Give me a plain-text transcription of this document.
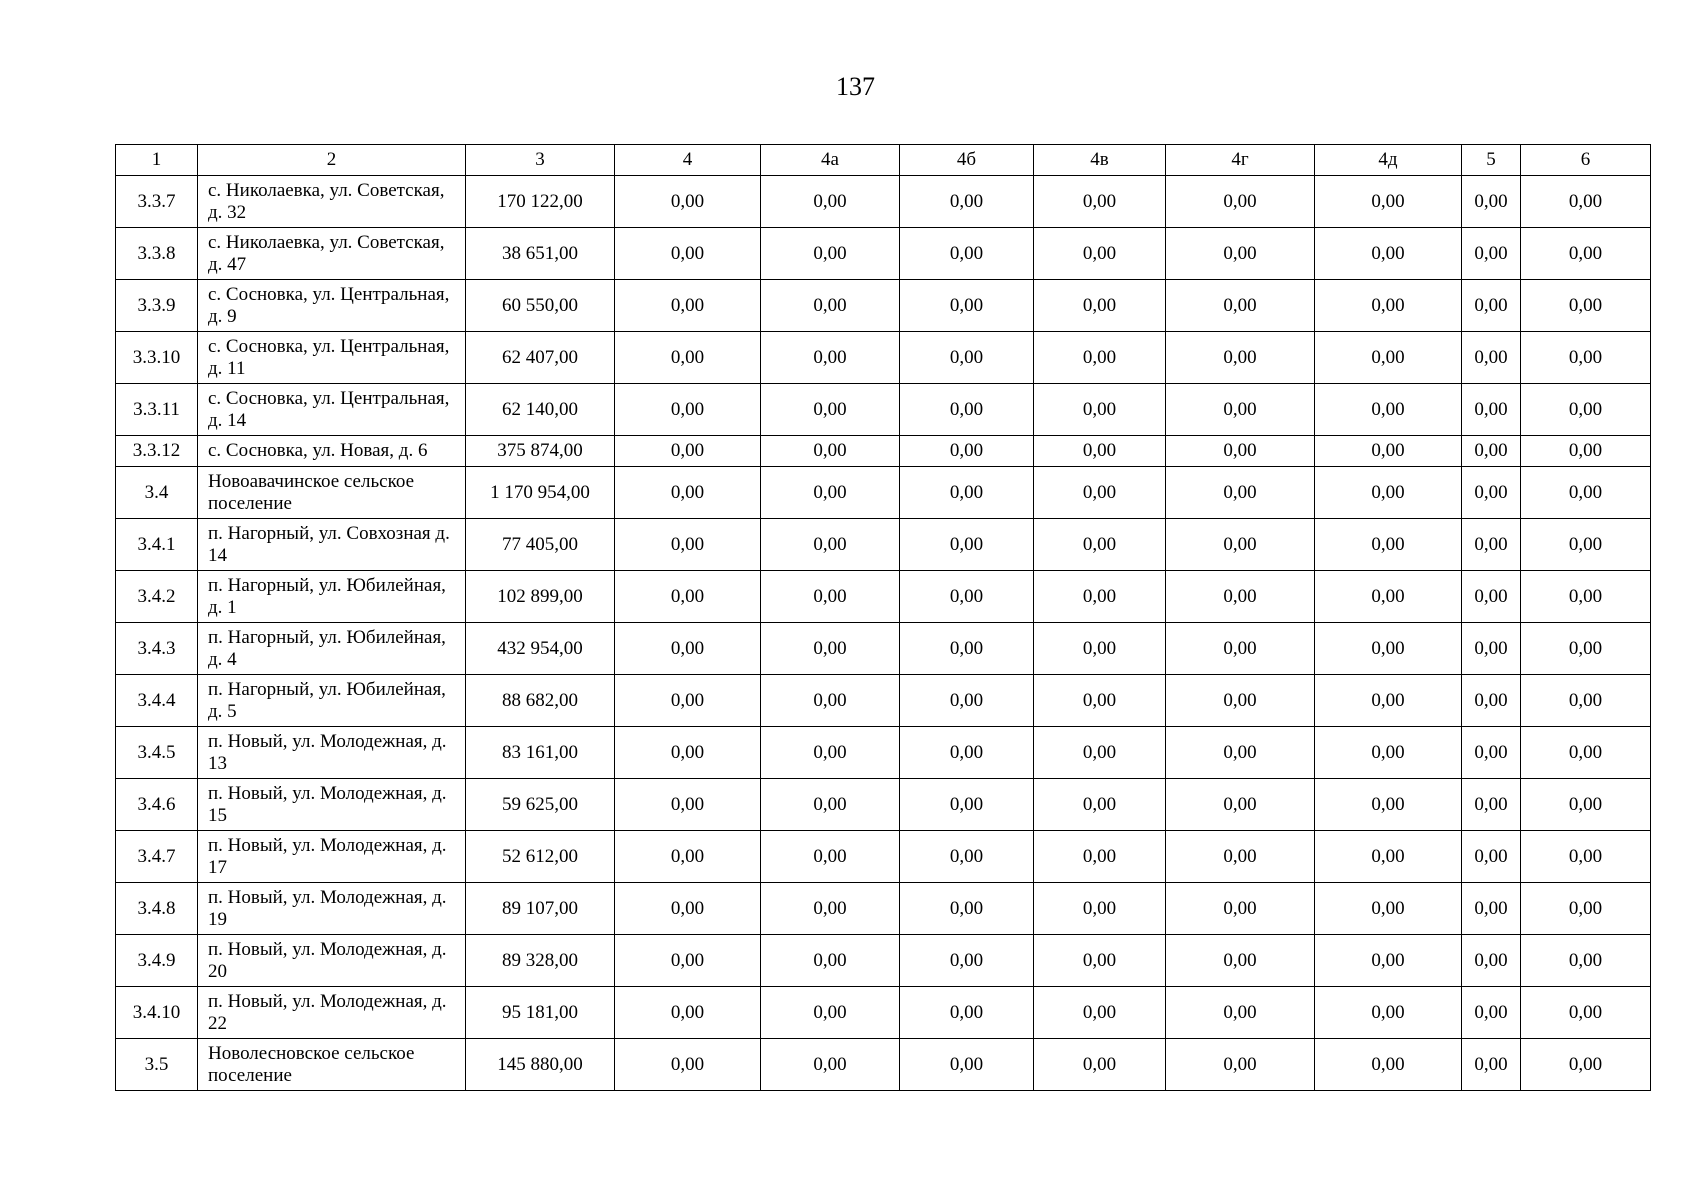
137
1	2	3	4	4а	4б	4в	4г	4д	5	6
3.3.7	с. Николаевка, ул. Советская, д. 32	170 122,00	0,00	0,00	0,00	0,00	0,00	0,00	0,00	0,00
3.3.8	с. Николаевка, ул. Советская, д. 47	38 651,00	0,00	0,00	0,00	0,00	0,00	0,00	0,00	0,00
3.3.9	с. Сосновка, ул. Центральная, д. 9	60 550,00	0,00	0,00	0,00	0,00	0,00	0,00	0,00	0,00
3.3.10	с. Сосновка, ул. Центральная, д. 11	62 407,00	0,00	0,00	0,00	0,00	0,00	0,00	0,00	0,00
3.3.11	с. Сосновка, ул. Центральная, д. 14	62 140,00	0,00	0,00	0,00	0,00	0,00	0,00	0,00	0,00
3.3.12	с. Сосновка, ул. Новая, д. 6	375 874,00	0,00	0,00	0,00	0,00	0,00	0,00	0,00	0,00
3.4	Новоавачинское сельское поселение	1 170 954,00	0,00	0,00	0,00	0,00	0,00	0,00	0,00	0,00
3.4.1	п. Нагорный, ул. Совхозная д. 14	77 405,00	0,00	0,00	0,00	0,00	0,00	0,00	0,00	0,00
3.4.2	п. Нагорный, ул. Юбилейная, д. 1	102 899,00	0,00	0,00	0,00	0,00	0,00	0,00	0,00	0,00
3.4.3	п. Нагорный, ул. Юбилейная, д. 4	432 954,00	0,00	0,00	0,00	0,00	0,00	0,00	0,00	0,00
3.4.4	п. Нагорный, ул. Юбилейная, д. 5	88 682,00	0,00	0,00	0,00	0,00	0,00	0,00	0,00	0,00
3.4.5	п. Новый, ул. Молодежная, д. 13	83 161,00	0,00	0,00	0,00	0,00	0,00	0,00	0,00	0,00
3.4.6	п. Новый, ул. Молодежная, д. 15	59 625,00	0,00	0,00	0,00	0,00	0,00	0,00	0,00	0,00
3.4.7	п. Новый, ул. Молодежная, д. 17	52 612,00	0,00	0,00	0,00	0,00	0,00	0,00	0,00	0,00
3.4.8	п. Новый, ул. Молодежная, д. 19	89 107,00	0,00	0,00	0,00	0,00	0,00	0,00	0,00	0,00
3.4.9	п. Новый, ул. Молодежная, д. 20	89 328,00	0,00	0,00	0,00	0,00	0,00	0,00	0,00	0,00
3.4.10	п. Новый, ул. Молодежная, д. 22	95 181,00	0,00	0,00	0,00	0,00	0,00	0,00	0,00	0,00
3.5	Новолесновское сельское поселение	145 880,00	0,00	0,00	0,00	0,00	0,00	0,00	0,00	0,00
